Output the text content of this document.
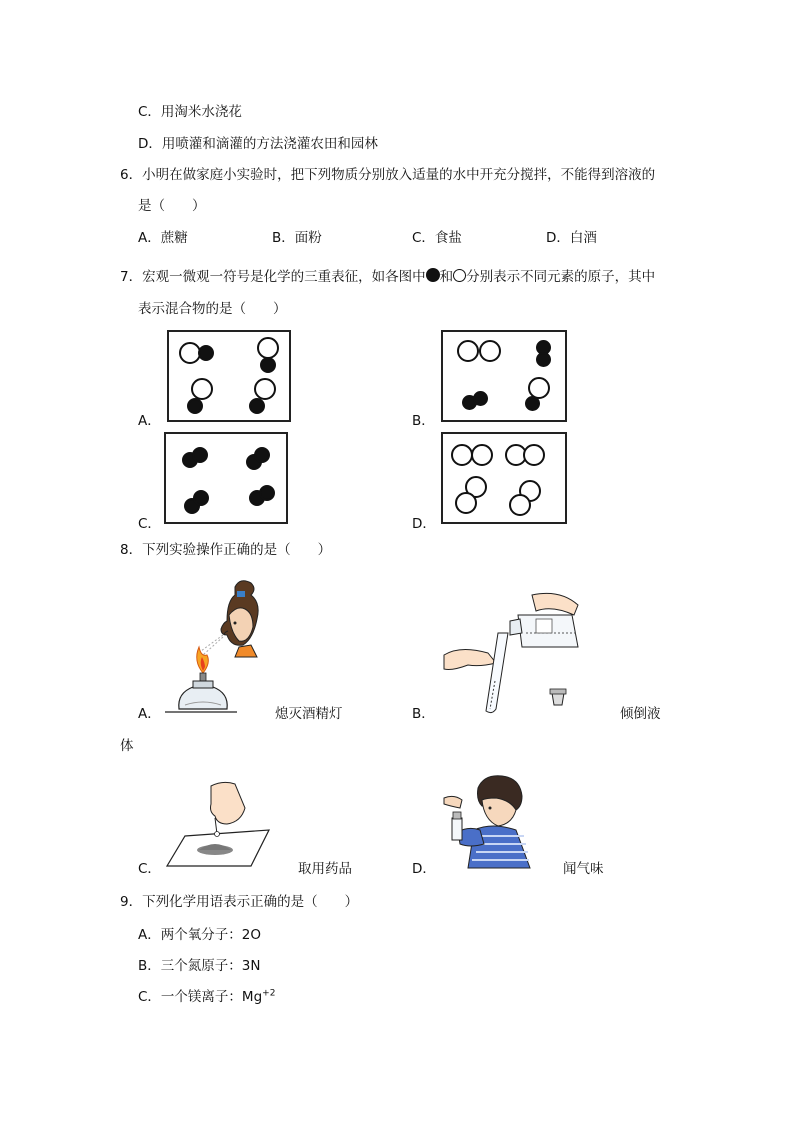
C．用淘米水浇花
D．用喷灌和滴灌的方法浇灌农田和园林
6．小明在做家庭小实验时，把下列物质分别放入适量的水中开充分搅拌，不能得到溶液的
是（　　）
A．蔗糖	B．面粉	C．食盐	D．白酒
7．宏观一微观一符号是化学的三重表征，如各图中 和 分别表示不同元素的原子，其中
表示混合物的是（　　）
A．	B．
C．	D．
8．下列实验操作正确的是（　　）
A．	熄灭酒精灯	B．	倾倒液
体
C．	取用药品	D．	闻气味
9．下列化学用语表示正确的是（　　）
A．两个氧分子：2O
B．三个氮原子：3N
C．一个镁离子：$Mg^{+2}$
